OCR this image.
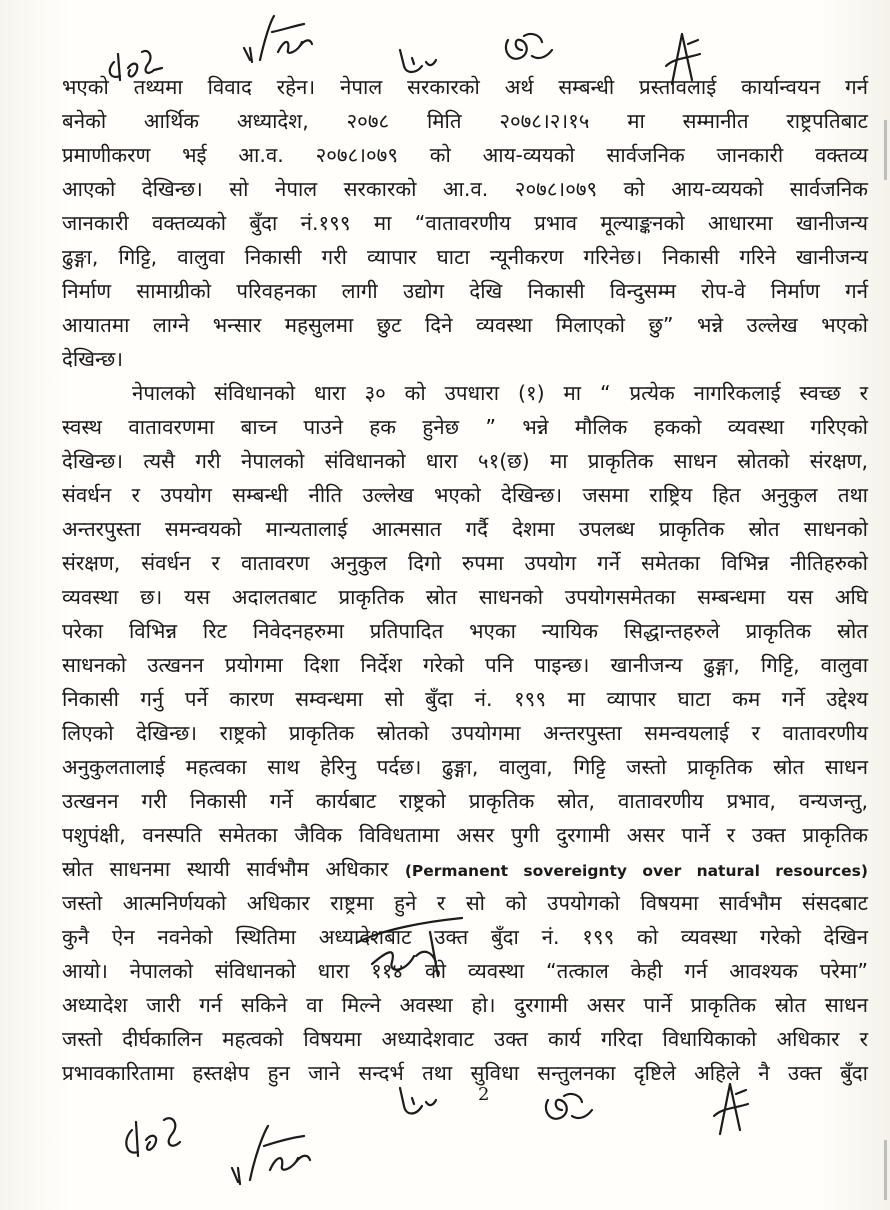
भएको तथ्यमा विवाद रहेन। नेपाल सरकारको अर्थ सम्बन्धी प्रस्तावलाई कार्यान्वयन गर्न
बनेको आर्थिक अध्यादेश, २०७८ मिति २०७८।२।१५ मा सम्मानीत राष्ट्रपतिबाट
प्रमाणीकरण भई आ.व. २०७८।०७९ को आय-व्ययको सार्वजनिक जानकारी वक्तव्य
आएको देखिन्छ। सो नेपाल सरकारको आ.व. २०७८।०७९ को आय-व्ययको सार्वजनिक
जानकारी वक्तव्यको बुँदा नं.१९९ मा “वातावरणीय प्रभाव मूल्याङ्कनको आधारमा खानीजन्य
ढुङ्गा, गिट्टि, वालुवा निकासी गरी व्यापार घाटा न्यूनीकरण गरिनेछ। निकासी गरिने खानीजन्य
निर्माण सामाग्रीको परिवहनका लागी उद्योग देखि निकासी विन्दुसम्म रोप-वे निर्माण गर्न
आयातमा लाग्ने भन्सार महसुलमा छुट दिने व्यवस्था मिलाएको छु” भन्ने उल्लेख भएको
देखिन्छ।
नेपालको संविधानको धारा ३० को उपधारा (१) मा “ प्रत्येक नागरिकलाई स्वच्छ र
स्वस्थ वातावरणमा बाच्न पाउने हक हुनेछ ” भन्ने मौलिक हकको व्यवस्था गरिएको
देखिन्छ। त्यसै गरी नेपालको संविधानको धारा ५१(छ) मा प्राकृतिक साधन स्रोतको संरक्षण,
संवर्धन र उपयोग सम्बन्धी नीति उल्लेख भएको देखिन्छ। जसमा राष्ट्रिय हित अनुकुल तथा
अन्तरपुस्ता समन्वयको मान्यतालाई आत्मसात गर्दै देशमा उपलब्ध प्राकृतिक स्रोत साधनको
संरक्षण, संवर्धन र वातावरण अनुकुल दिगो रुपमा उपयोग गर्ने समेतका विभिन्न नीतिहरुको
व्यवस्था छ। यस अदालतबाट प्राकृतिक स्रोत साधनको उपयोगसमेतका सम्बन्धमा यस अघि
परेका विभिन्न रिट निवेदनहरुमा प्रतिपादित भएका न्यायिक सिद्धान्तहरुले प्राकृतिक स्रोत
साधनको उत्खनन प्रयोगमा दिशा निर्देश गरेको पनि पाइन्छ। खानीजन्य ढुङ्गा, गिट्टि, वालुवा
निकासी गर्नु पर्ने कारण सम्वन्धमा सो बुँदा नं. १९९ मा व्यापार घाटा कम गर्ने उद्देश्य
लिएको देखिन्छ। राष्ट्रको प्राकृतिक स्रोतको उपयोगमा अन्तरपुस्ता समन्वयलाई र वातावरणीय
अनुकुलतालाई महत्वका साथ हेरिनु पर्दछ। ढुङ्गा, वालुवा, गिट्टि जस्तो प्राकृतिक स्रोत साधन
उत्खनन गरी निकासी गर्ने कार्यबाट राष्ट्रको प्राकृतिक स्रोत, वातावरणीय प्रभाव, वन्यजन्तु,
पशुपंक्षी, वनस्पति समेतका जैविक विविधतामा असर पुगी दुरगामी असर पार्ने र उक्त प्राकृतिक
स्रोत साधनमा स्थायी सार्वभौम अधिकार (Permanent sovereignty over natural resources)
जस्तो आत्मनिर्णयको अधिकार राष्ट्रमा हुने र सो को उपयोगको विषयमा सार्वभौम संसदबाट
कुनै ऐन नवनेको स्थितिमा अध्यादेशबाट उक्त बुँदा नं. १९९ को व्यवस्था गरेको देखिन
आयो। नेपालको संविधानको धारा ११४ को व्यवस्था “तत्काल केही गर्न आवश्यक परेमा”
अध्यादेश जारी गर्न सकिने वा मिल्ने अवस्था हो। दुरगामी असर पार्ने प्राकृतिक स्रोत साधन
जस्तो दीर्घकालिन महत्वको विषयमा अध्यादेशवाट उक्त कार्य गरिदा विधायिकाको अधिकार र
प्रभावकारितामा हस्तक्षेप हुन जाने सन्दर्भ तथा सुविधा सन्तुलनका दृष्टिले अहिले नै उक्त बुँदा
2
